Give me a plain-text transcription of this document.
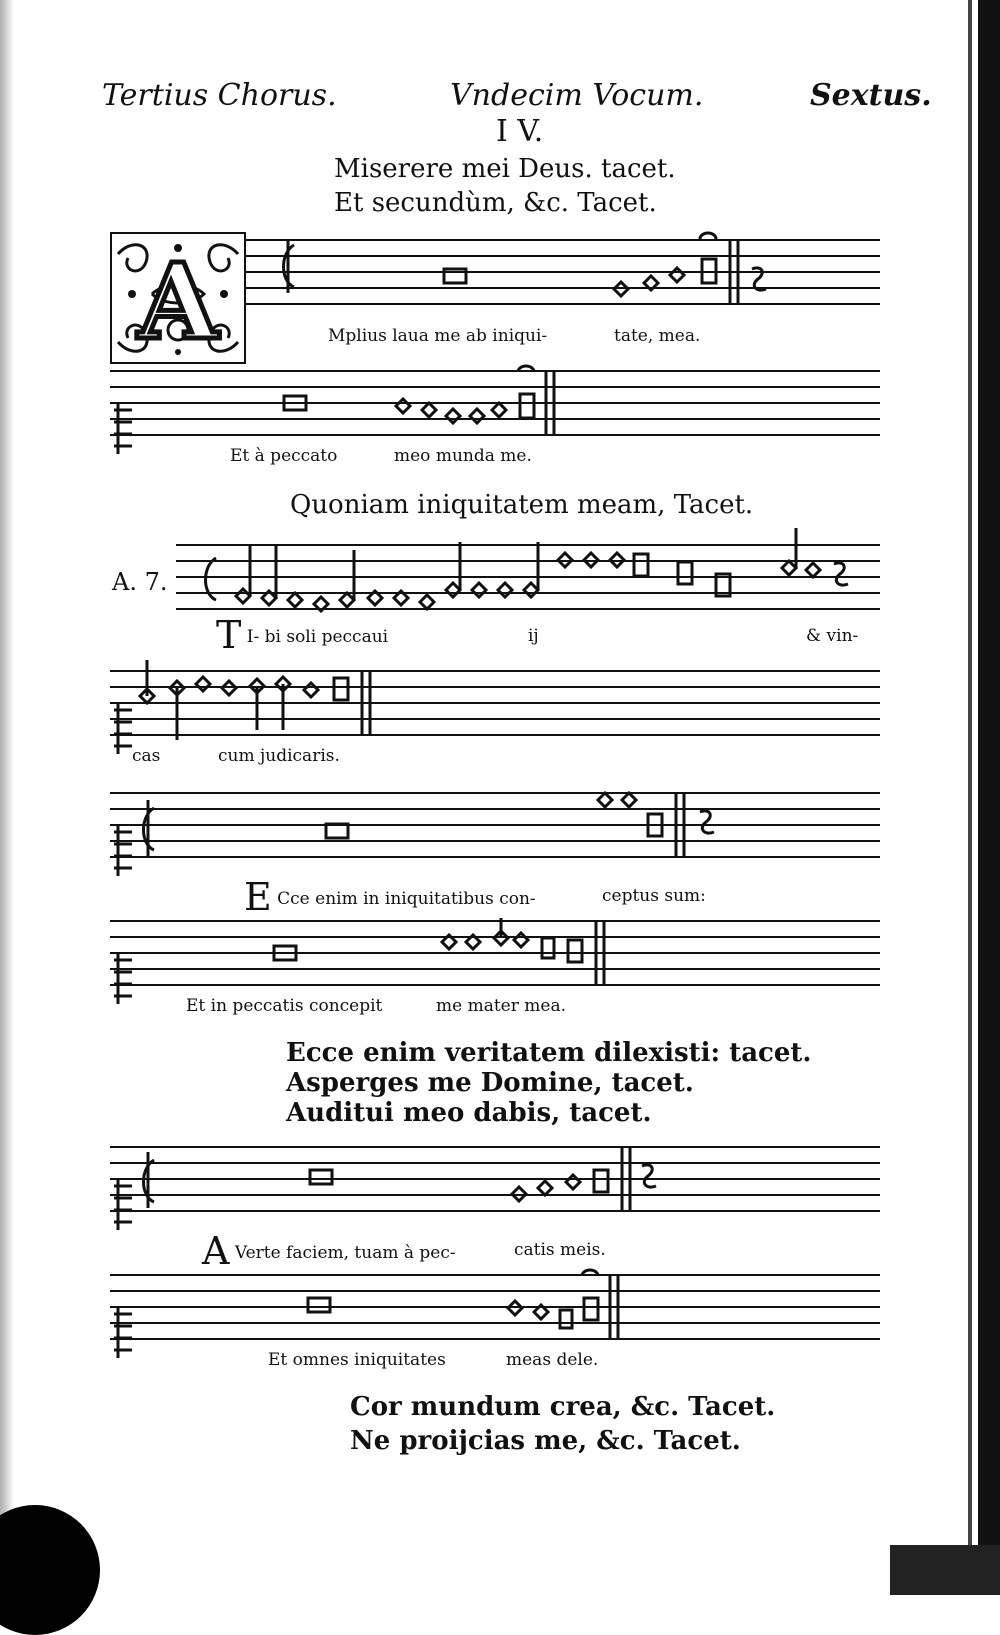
Tertius Chorus.	Vndecim Vocum.	Sextus.
I V.
Miserere mei Deus. tacet.
Et secundùm, &c. Tacet.
A	Mplius laua me ab iniqui-	tate, mea.
Et à peccato	meo munda me.
Quoniam iniquitatem meam, Tacet.
A. 7.
T I- bi soli peccaui	ij	& vin-
cas	cum judicaris.
E Cce enim in iniquitatibus con-	ceptus sum:
Et in peccatis concepit	me mater mea.
Ecce enim veritatem dilexisti: tacet.
Asperges me Domine, tacet.
Auditui meo dabis, tacet.
A Verte faciem, tuam à pec-	catis meis.
Et omnes iniquitates	meas dele.
Cor mundum crea, &c. Tacet.
Ne proijcias me, &c. Tacet.
